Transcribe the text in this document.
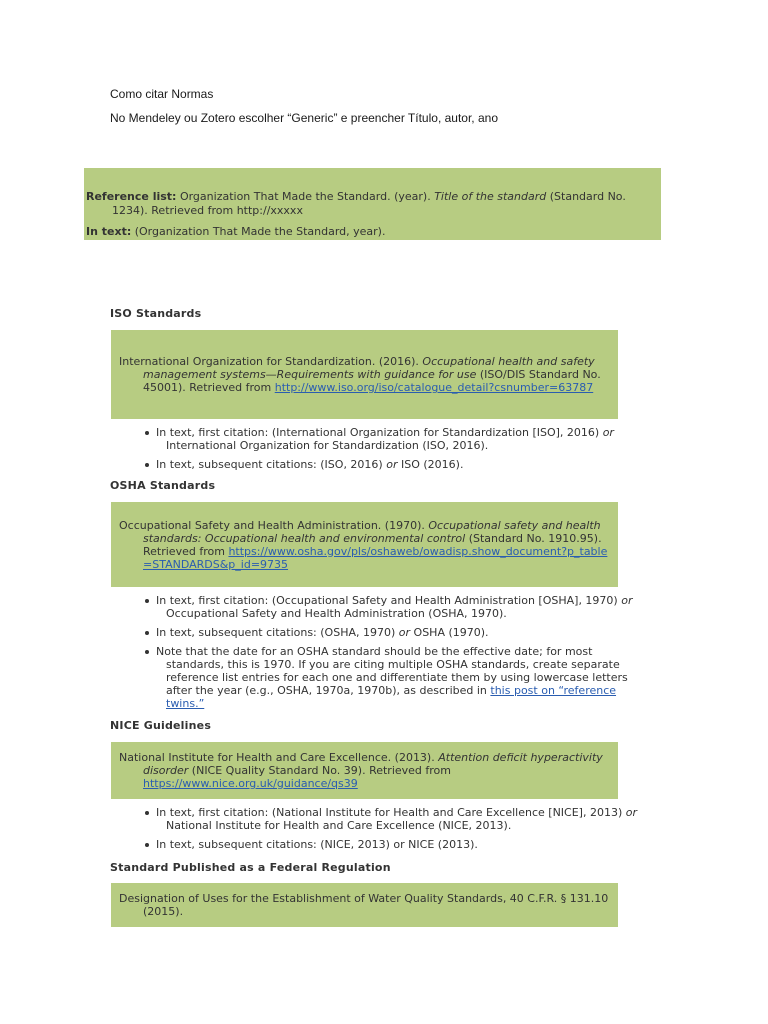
Como citar Normas

No Mendeley ou Zotero escolher “Generic” e preencher Título, autor, ano

Reference list: Organization That Made the Standard. (year). Title of the standard (Standard No. 1234). Retrieved from http://xxxxx

In text: (Organization That Made the Standard, year).

ISO Standards

International Organization for Standardization. (2016). Occupational health and safety management systems—Requirements with guidance for use (ISO/DIS Standard No. 45001). Retrieved from http://www.iso.org/iso/catalogue_detail?csnumber=63787

In text, first citation: (International Organization for Standardization [ISO], 2016) or International Organization for Standardization (ISO, 2016).
In text, subsequent citations: (ISO, 2016) or ISO (2016).
OSHA Standards

Occupational Safety and Health Administration. (1970). Occupational safety and health standards: Occupational health and environmental control (Standard No. 1910.95). Retrieved from https://www.osha.gov/pls/oshaweb/owadisp.show_document?p_table=STANDARDS&p_id=9735

In text, first citation: (Occupational Safety and Health Administration [OSHA], 1970) or Occupational Safety and Health Administration (OSHA, 1970).
In text, subsequent citations: (OSHA, 1970) or OSHA (1970).
Note that the date for an OSHA standard should be the effective date; for most standards, this is 1970. If you are citing multiple OSHA standards, create separate reference list entries for each one and differentiate them by using lowercase letters after the year (e.g., OSHA, 1970a, 1970b), as described in this post on “reference twins.”
NICE Guidelines

National Institute for Health and Care Excellence. (2013). Attention deficit hyperactivity disorder (NICE Quality Standard No. 39). Retrieved from https://www.nice.org.uk/guidance/qs39

In text, first citation: (National Institute for Health and Care Excellence [NICE], 2013) or National Institute for Health and Care Excellence (NICE, 2013).
In text, subsequent citations: (NICE, 2013) or NICE (2013).
Standard Published as a Federal Regulation

Designation of Uses for the Establishment of Water Quality Standards, 40 C.F.R. § 131.10 (2015).
